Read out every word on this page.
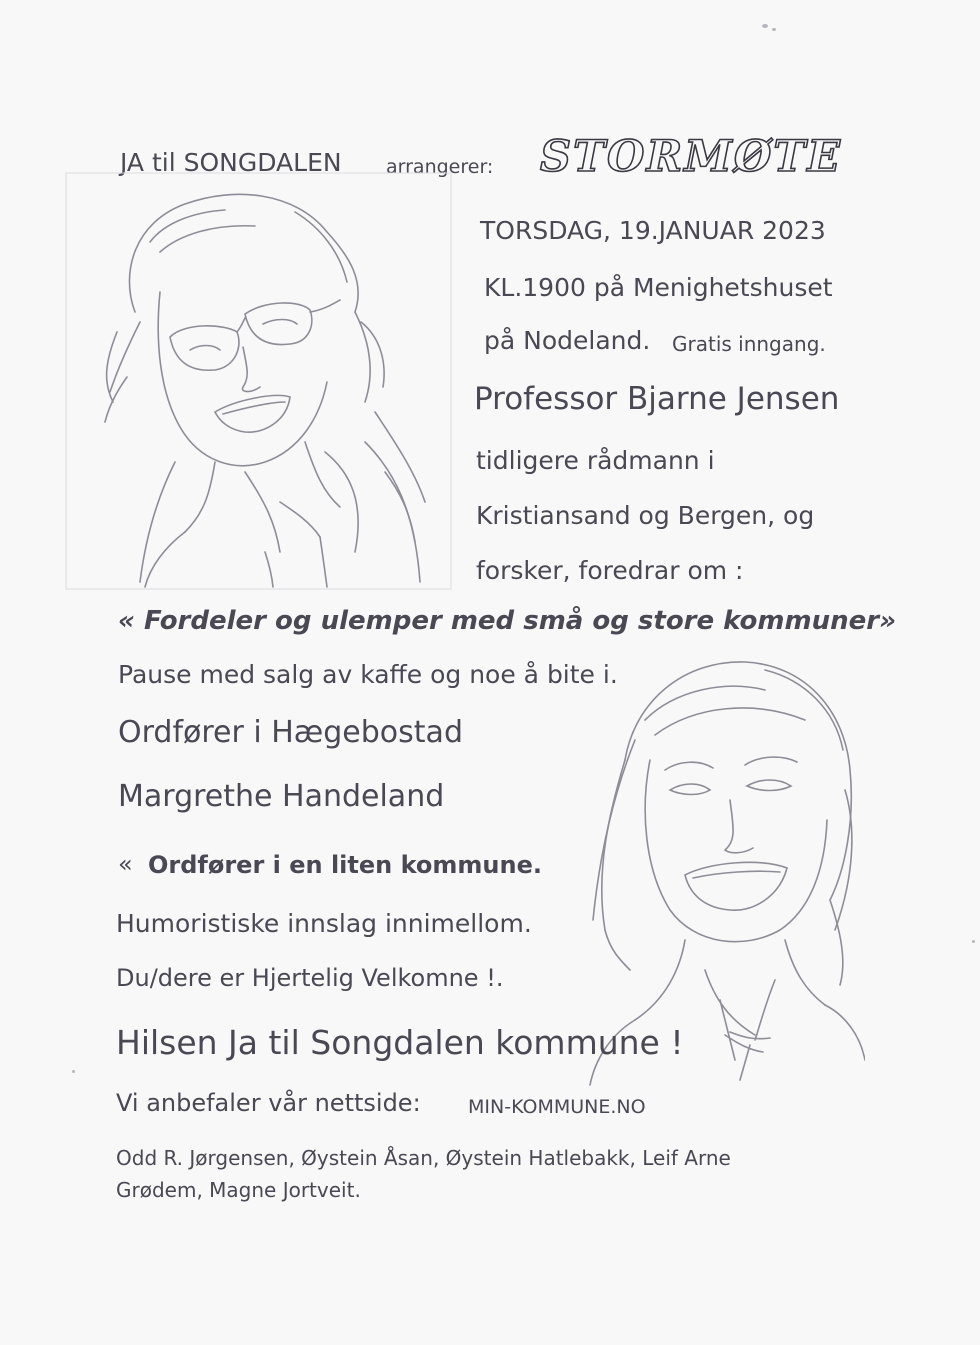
JA til SONGDALEN arrangerer: STORMØTE
TORSDAG, 19.JANUAR 2023
KL.1900 på Menighetshuset
på Nodeland. Gratis inngang.
Professor Bjarne Jensen
tidligere rådmann i
Kristiansand og Bergen, og
forsker, foredrar om :
« Fordeler og ulemper med små og store kommuner»
Pause med salg av kaffe og noe å bite i.
Ordfører i Hægebostad
Margrethe Handeland
« Ordfører i en liten kommune.
Humoristiske innslag innimellom.
Du/dere er Hjertelig Velkomne !.
Hilsen Ja til Songdalen kommune !
Vi anbefaler vår nettside: MIN-KOMMUNE.NO
Odd R. Jørgensen, Øystein Åsan, Øystein Hatlebakk, Leif Arne
Grødem, Magne Jortveit.
